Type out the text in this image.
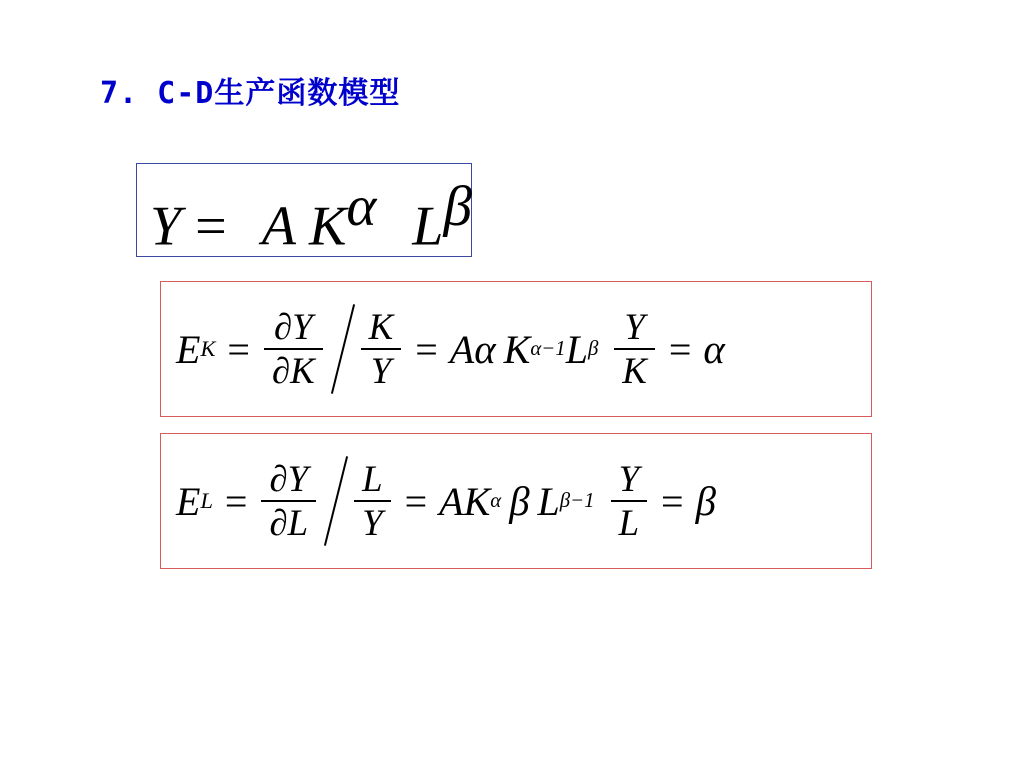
7. C-D生产函数模型
Y = A Kα Lβ
E $K = \frac{\partial Y}{\partial K} \frac{K}{Y} = A$ α K α−1 L β $\frac{Y}{K} = \alpha$
E $L = \frac{\partial Y}{\partial L} \frac{L}{Y}$ = AK α β L $\beta-1 \frac{Y}{L} = \beta$
